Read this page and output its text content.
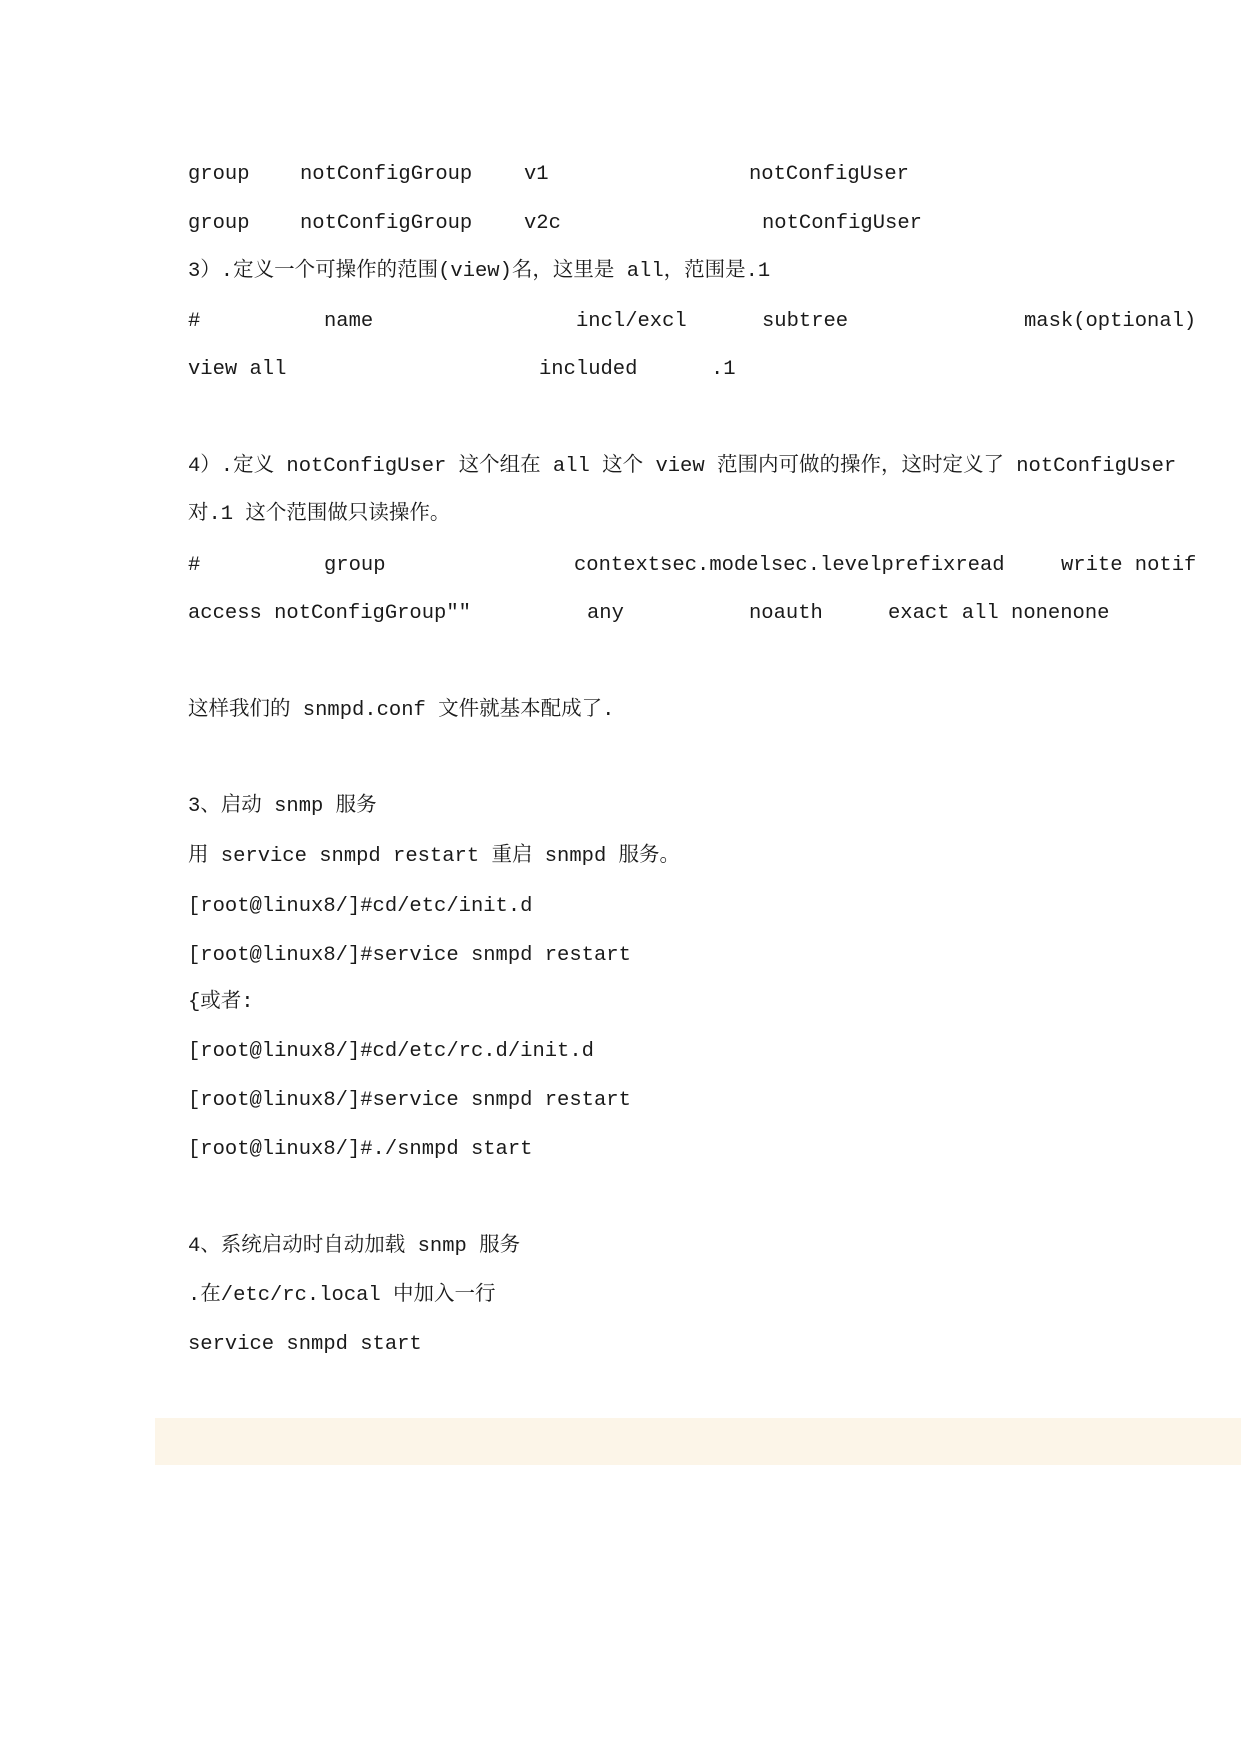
group notConfigGroup	v1	notConfigUser
group notConfigGroup	v2c	notConfigUser
3）.定义一个可操作的范围(view)名，这里是 all，范围是.1
#	name	incl/excl	subtree	mask(optional)
view all	included	.1
4）.定义 notConfigUser 这个组在 all 这个 view 范围内可做的操作，这时定义了 notConfigUser
对.1 这个范围做只读操作。
#	group	contextsec.modelsec.levelprefixread	write notif
access notConfigGroup""	any	noauth	exact all nonenone
这样我们的 snmpd.conf 文件就基本配成了.
3、启动 snmp 服务
用 service snmpd restart 重启 snmpd 服务。
[root@linux8/]#cd/etc/init.d
[root@linux8/]#service snmpd restart
{或者:
[root@linux8/]#cd/etc/rc.d/init.d
[root@linux8/]#service snmpd restart
[root@linux8/]#./snmpd start
4、系统启动时自动加载 snmp 服务
.在/etc/rc.local 中加入一行
service snmpd start
